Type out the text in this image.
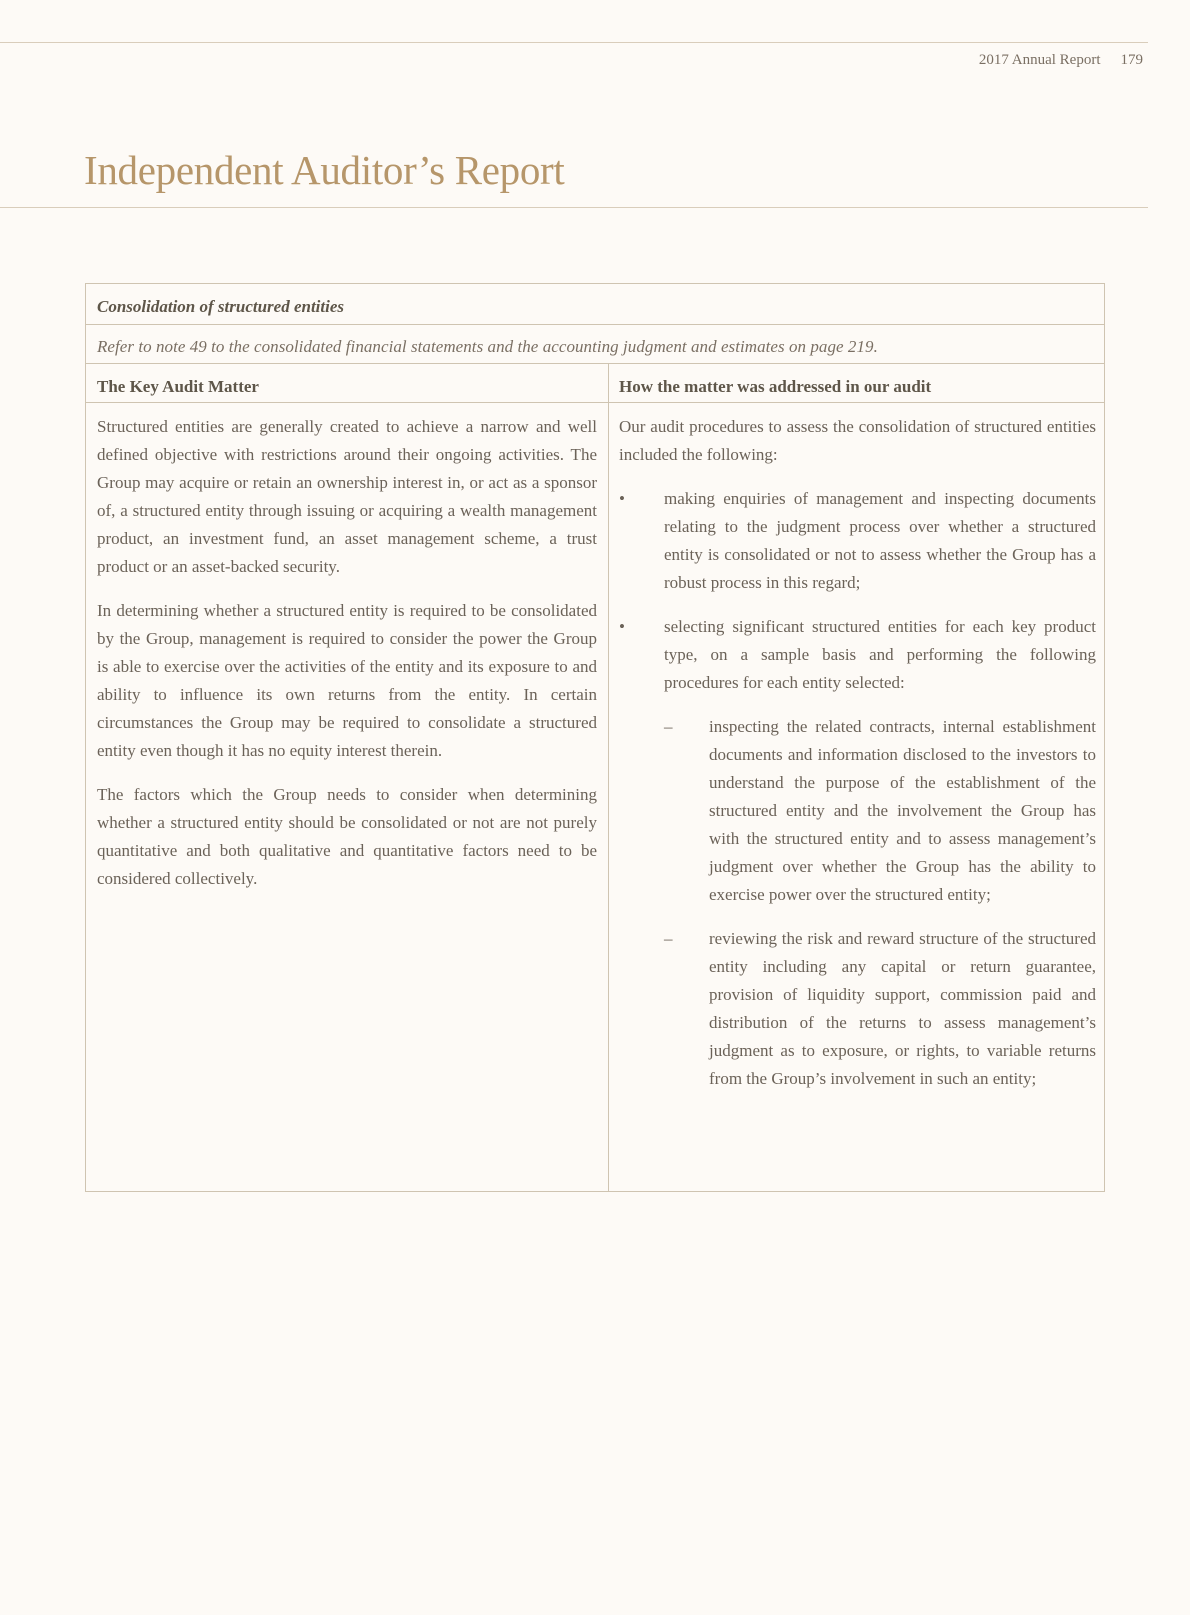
2017 Annual Report 179
Independent Auditor’s Report
Consolidation of structured entities
Refer to note 49 to the consolidated financial statements and the accounting judgment and estimates on page 219.
The Key Audit Matter	How the matter was addressed in our audit

Structured entities are generally created to achieve a narrow and well defined objective with restrictions around their ongoing activities. The Group may acquire or retain an ownership interest in, or act as a sponsor of, a structured entity through issuing or acquiring a wealth management product, an investment fund, an asset management scheme, a trust product or an asset-backed security.

In determining whether a structured entity is required to be consolidated by the Group, management is required to consider the power the Group is able to exercise over the activities of the entity and its exposure to and ability to influence its own returns from the entity. In certain circumstances the Group may be required to consolidate a structured entity even though it has no equity interest therein.

The factors which the Group needs to consider when determining whether a structured entity should be consolidated or not are not purely quantitative and both qualitative and quantitative factors need to be considered collectively.

Our audit procedures to assess the consolidation of structured entities included the following:

• making enquiries of management and inspecting documents relating to the judgment process over whether a structured entity is consolidated or not to assess whether the Group has a robust process in this regard;

• selecting significant structured entities for each key product type, on a sample basis and performing the following procedures for each entity selected:

– inspecting the related contracts, internal establishment documents and information disclosed to the investors to understand the purpose of the establishment of the structured entity and the involvement the Group has with the structured entity and to assess management’s judgment over whether the Group has the ability to exercise power over the structured entity;

– reviewing the risk and reward structure of the structured entity including any capital or return guarantee, provision of liquidity support, commission paid and distribution of the returns to assess management’s judgment as to exposure, or rights, to variable returns from the Group’s involvement in such an entity;
